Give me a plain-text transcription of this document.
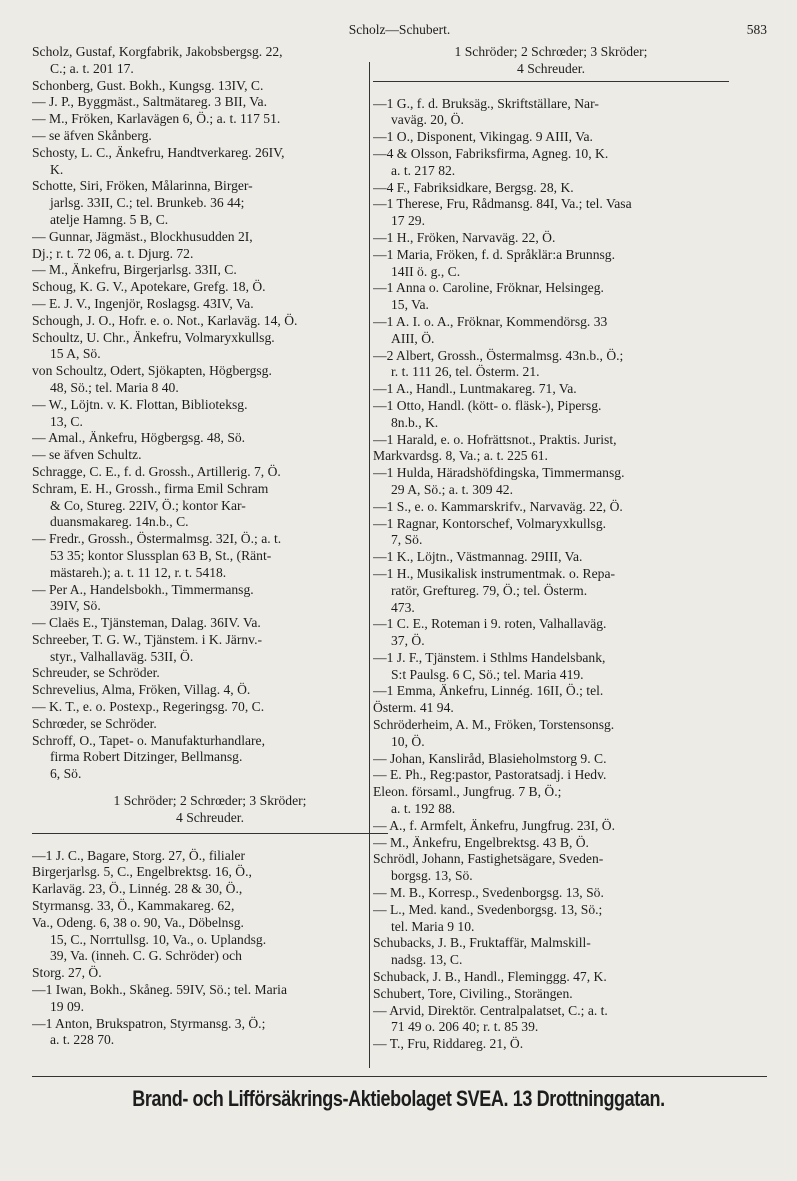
Scholz—Schubert.	583
Scholz, Gustaf, Korgfabrik, Jakobsbergsg. 22,
C.; a. t. 201 17.
Schonberg, Gust. Bokh., Kungsg. 13IV, C.
— J. P., Byggmäst., Saltmätareg. 3 BII, Va.
— M., Fröken, Karlavägen 6, Ö.; a. t. 117 51.
— se äfven Skånberg.
Schosty, L. C., Änkefru, Handtverkareg. 26IV,
K.
Schotte, Siri, Fröken, Målarinna, Birger-
jarlsg. 33II, C.; tel. Brunkeb. 36 44;
atelje Hamng. 5 B, C.
— Gunnar, Jägmäst., Blockhusudden 2I,
Dj.; r. t. 72 06, a. t. Djurg. 72.
— M., Änkefru, Birgerjarlsg. 33II, C.
Schoug, K. G. V., Apotekare, Grefg. 18, Ö.
— E. J. V., Ingenjör, Roslagsg. 43IV, Va.
Schough, J. O., Hofr. e. o. Not., Karlaväg. 14, Ö.
Schoultz, U. Chr., Änkefru, Volmaryxkullsg.
15 A, Sö.
von Schoultz, Odert, Sjökapten, Högbergsg.
48, Sö.; tel. Maria 8 40.
— W., Löjtn. v. K. Flottan, Biblioteksg.
13, C.
— Amal., Änkefru, Högbergsg. 48, Sö.
— se äfven Schultz.
Schragge, C. E., f. d. Grossh., Artillerig. 7, Ö.
Schram, E. H., Grossh., firma Emil Schram
& Co, Stureg. 22IV, Ö.; kontor Kar-
duansmakareg. 14n.b., C.
— Fredr., Grossh., Östermalmsg. 32I, Ö.; a. t.
53 35; kontor Slussplan 63 B, St., (Ränt-
mästareh.); a. t. 11 12, r. t. 5418.
— Per A., Handelsbokh., Timmermansg.
39IV, Sö.
— Claës E., Tjänsteman, Dalag. 36IV. Va.
Schreeber, T. G. W., Tjänstem. i K. Järnv.-
styr., Valhallaväg. 53II, Ö.
Schreuder, se Schröder.
Schrevelius, Alma, Fröken, Villag. 4, Ö.
— K. T., e. o. Postexp., Regeringsg. 70, C.
Schrœder, se Schröder.
Schroff, O., Tapet- o. Manufakturhandlare,
firma Robert Ditzinger, Bellmansg.
6, Sö.
1 Schröder; 2 Schrœder; 3 Skröder;
4 Schreuder.
—1 J. C., Bagare, Storg. 27, Ö., filialer
Birgerjarlsg. 5, C., Engelbrektsg. 16, Ö.,
Karlaväg. 23, Ö., Linnég. 28 & 30, Ö.,
Styrmansg. 33, Ö., Kammakareg. 62,
Va., Odeng. 6, 38 o. 90, Va., Döbelnsg.
15, C., Norrtullsg. 10, Va., o. Uplandsg.
39, Va. (inneh. C. G. Schröder) och
Storg. 27, Ö.
—1 Iwan, Bokh., Skåneg. 59IV, Sö.; tel. Maria
19 09.
—1 Anton, Brukspatron, Styrmansg. 3, Ö.;
a. t. 228 70.
1 Schröder; 2 Schrœder; 3 Skröder;
4 Schreuder.
—1 G., f. d. Bruksäg., Skriftställare, Nar-
vaväg. 20, Ö.
—1 O., Disponent, Vikingag. 9 AIII, Va.
—4 & Olsson, Fabriksfirma, Agneg. 10, K.
a. t. 217 82.
—4 F., Fabriksidkare, Bergsg. 28, K.
—1 Therese, Fru, Rådmansg. 84I, Va.; tel. Vasa
17 29.
—1 H., Fröken, Narvaväg. 22, Ö.
—1 Maria, Fröken, f. d. Språklär:a Brunnsg.
14II ö. g., C.
—1 Anna o. Caroline, Fröknar, Helsingeg.
15, Va.
—1 A. I. o. A., Fröknar, Kommendörsg. 33
AIII, Ö.
—2 Albert, Grossh., Östermalmsg. 43n.b., Ö.;
r. t. 111 26, tel. Österm. 21.
—1 A., Handl., Luntmakareg. 71, Va.
—1 Otto, Handl. (kött- o. fläsk-), Pipersg.
8n.b., K.
—1 Harald, e. o. Hofrättsnot., Praktis. Jurist,
Markvardsg. 8, Va.; a. t. 225 61.
—1 Hulda, Häradshöfdingska, Timmermansg.
29 A, Sö.; a. t. 309 42.
—1 S., e. o. Kammarskrifv., Narvaväg. 22, Ö.
—1 Ragnar, Kontorschef, Volmaryxkullsg.
7, Sö.
—1 K., Löjtn., Västmannag. 29III, Va.
—1 H., Musikalisk instrumentmak. o. Repa-
ratör, Greftureg. 79, Ö.; tel. Österm.
473.
—1 C. E., Roteman i 9. roten, Valhallaväg.
37, Ö.
—1 J. F., Tjänstem. i Sthlms Handelsbank,
S:t Paulsg. 6 C, Sö.; tel. Maria 419.
—1 Emma, Änkefru, Linnég. 16II, Ö.; tel.
Österm. 41 94.
Schröderheim, A. M., Fröken, Torstensonsg.
10, Ö.
— Johan, Kansliråd, Blasieholmstorg 9. C.
— E. Ph., Reg:pastor, Pastoratsadj. i Hedv.
Eleon. församl., Jungfrug. 7 B, Ö.;
a. t. 192 88.
— A., f. Armfelt, Änkefru, Jungfrug. 23I, Ö.
— M., Änkefru, Engelbrektsg. 43 B, Ö.
Schrödl, Johann, Fastighetsägare, Sveden-
borgsg. 13, Sö.
— M. B., Korresp., Svedenborgsg. 13, Sö.
— L., Med. kand., Svedenborgsg. 13, Sö.;
tel. Maria 9 10.
Schubacks, J. B., Fruktaffär, Malmskill-
nadsg. 13, C.
Schuback, J. B., Handl., Fleminggg. 47, K.
Schubert, Tore, Civiling., Storängen.
— Arvid, Direktör. Centralpalatset, C.; a. t.
71 49 o. 206 40; r. t. 85 39.
— T., Fru, Riddareg. 21, Ö.
Brand- och Lifförsäkrings-Aktiebolaget SVEA. 13 Drottninggatan.
